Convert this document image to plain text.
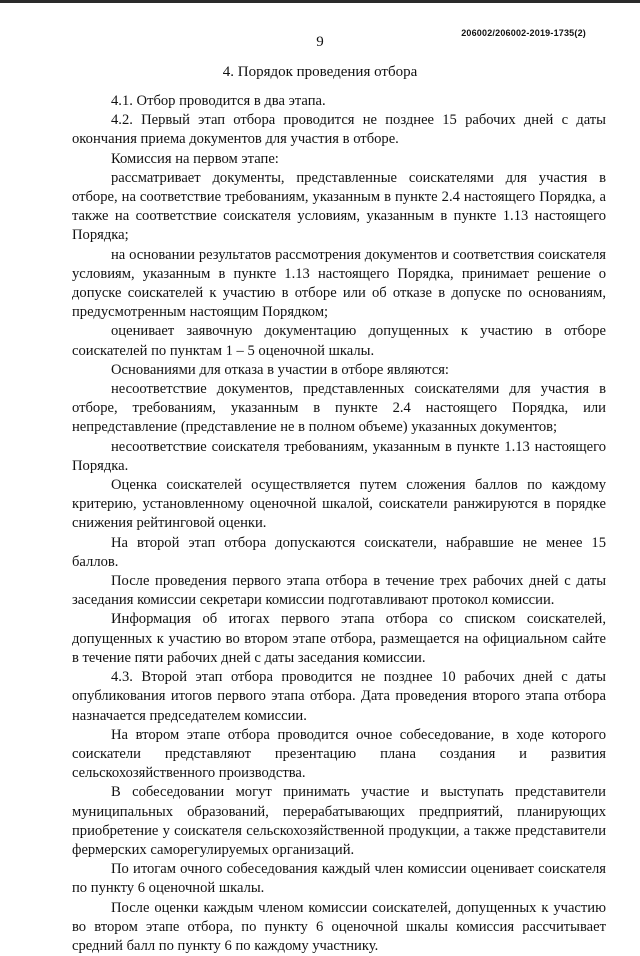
206002/206002-2019-1735(2)
9
4. Порядок проведения отбора

4.1. Отбор проводится в два этапа.

4.2. Первый этап отбора проводится не позднее 15 рабочих дней с даты окончания приема документов для участия в отборе.

Комиссия на первом этапе:

рассматривает документы, представленные соискателями для участия в отборе, на соответствие требованиям, указанным в пункте 2.4 настоящего Порядка, а также на соответствие соискателя условиям, указанным в пункте 1.13 настоящего Порядка;

на основании результатов рассмотрения документов и соответствия соискателя условиям, указанным в пункте 1.13 настоящего Порядка, принимает решение о допуске соискателей к участию в отборе или об отказе в допуске по основаниям, предусмотренным настоящим Порядком;

оценивает заявочную документацию допущенных к участию в отборе соискателей по пунктам 1 – 5 оценочной шкалы.

Основаниями для отказа в участии в отборе являются:

несоответствие документов, представленных соискателями для участия в отборе, требованиям, указанным в пункте 2.4 настоящего Порядка, или непредставление (представление не в полном объеме) указанных документов;

несоответствие соискателя требованиям, указанным в пункте 1.13 настоящего Порядка.

Оценка соискателей осуществляется путем сложения баллов по каждому критерию, установленному оценочной шкалой, соискатели ранжируются в порядке снижения рейтинговой оценки.

На второй этап отбора допускаются соискатели, набравшие не менее 15 баллов.

После проведения первого этапа отбора в течение трех рабочих дней с даты заседания комиссии секретари комиссии подготавливают протокол комиссии.

Информация об итогах первого этапа отбора со списком соискателей, допущенных к участию во втором этапе отбора, размещается на официальном сайте в течение пяти рабочих дней с даты заседания комиссии.

4.3. Второй этап отбора проводится не позднее 10 рабочих дней с даты опубликования итогов первого этапа отбора. Дата проведения второго этапа отбора назначается председателем комиссии.

На втором этапе отбора проводится очное собеседование, в ходе которого соискатели представляют презентацию плана создания и развития сельскохозяйственного производства.

В собеседовании могут принимать участие и выступать представители муниципальных образований, перерабатывающих предприятий, планирующих приобретение у соискателя сельскохозяйственной продукции, а также представители фермерских саморегулируемых организаций.

По итогам очного собеседования каждый член комиссии оценивает соискателя по пункту 6 оценочной шкалы.

После оценки каждым членом комиссии соискателей, допущенных к участию во втором этапе отбора, по пункту 6 оценочной шкалы комиссия рассчитывает средний балл по пункту 6 по каждому участнику.
